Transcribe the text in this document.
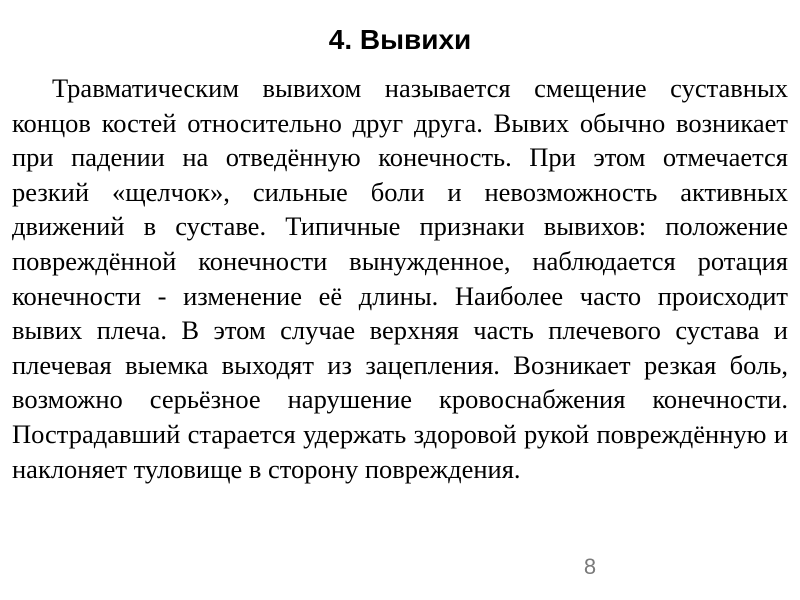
4. Вывихи

Травматическим вывихом называется смещение суставных концов костей относительно друг друга. Вывих обычно возникает при падении на отведённую конечность. При этом отмечается резкий «щелчок», сильные боли и невозможность активных движений в суставе. Типичные признаки вывихов: положение повреждённой конечности вынужденное, наблюдается ротация конечности - изменение её длины. Наиболее часто происходит вывих плеча. В этом случае верхняя часть плечевого сустава и плечевая выемка выходят из зацепления. Возникает резкая боль, возможно серьёзное нарушение кровоснабжения конечности. Пострадавший старается удержать здоровой рукой повреждённую и наклоняет туловище в сторону повреждения.

8
